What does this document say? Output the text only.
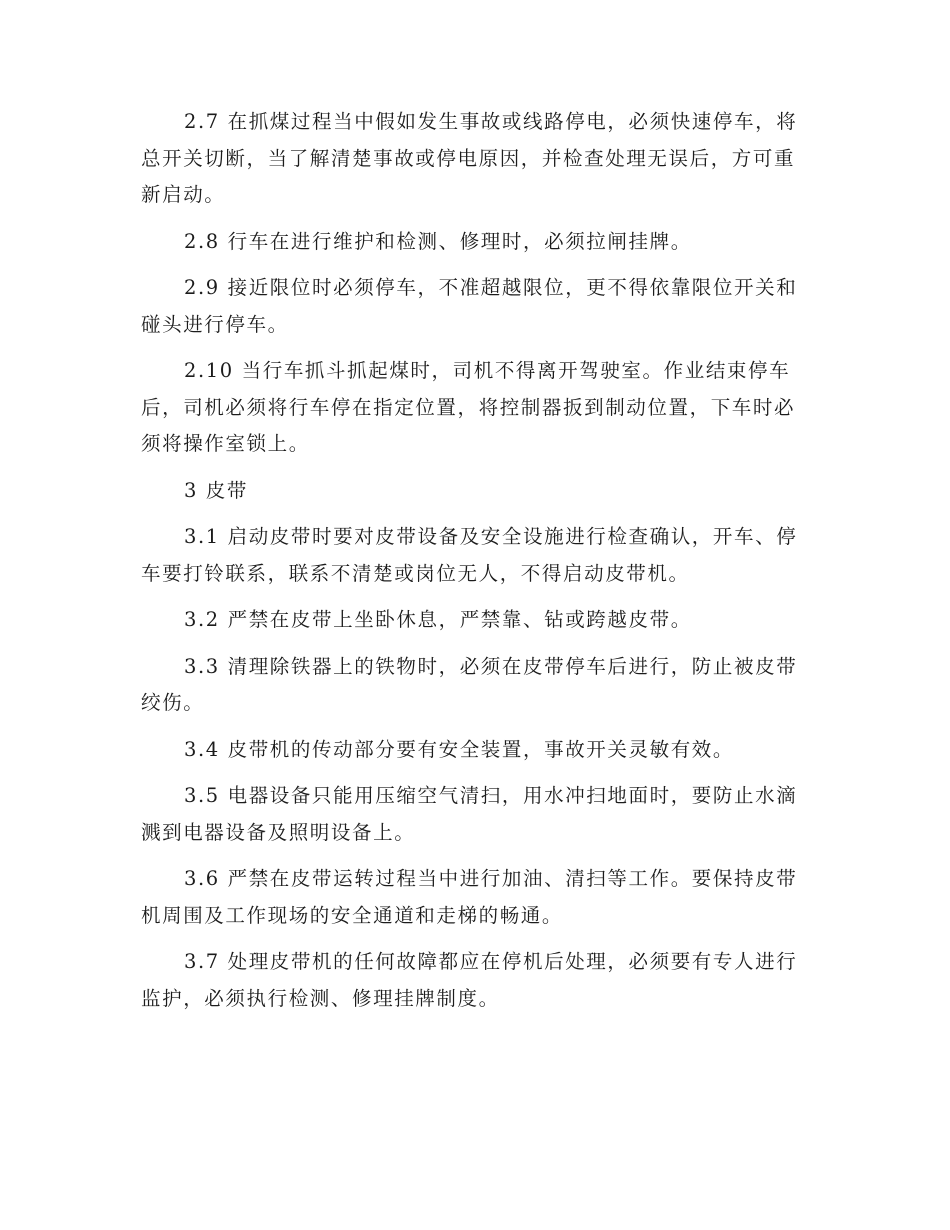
2.7 在抓煤过程当中假如发生事故或线路停电，必须快速停车，将总开关切断，当了解清楚事故或停电原因，并检查处理无误后，方可重新启动。

2.8 行车在进行维护和检测、修理时，必须拉闸挂牌。

2.9 接近限位时必须停车，不准超越限位，更不得依靠限位开关和碰头进行停车。

2.10 当行车抓斗抓起煤时，司机不得离开驾驶室。作业结束停车后，司机必须将行车停在指定位置，将控制器扳到制动位置，下车时必须将操作室锁上。

3 皮带

3.1 启动皮带时要对皮带设备及安全设施进行检查确认，开车、停车要打铃联系，联系不清楚或岗位无人，不得启动皮带机。

3.2 严禁在皮带上坐卧休息，严禁靠、钻或跨越皮带。

3.3 清理除铁器上的铁物时，必须在皮带停车后进行，防止被皮带绞伤。

3.4 皮带机的传动部分要有安全装置，事故开关灵敏有效。

3.5 电器设备只能用压缩空气清扫，用水冲扫地面时，要防止水滴溅到电器设备及照明设备上。

3.6 严禁在皮带运转过程当中进行加油、清扫等工作。要保持皮带机周围及工作现场的安全通道和走梯的畅通。

3.7 处理皮带机的任何故障都应在停机后处理，必须要有专人进行监护，必须执行检测、修理挂牌制度。
